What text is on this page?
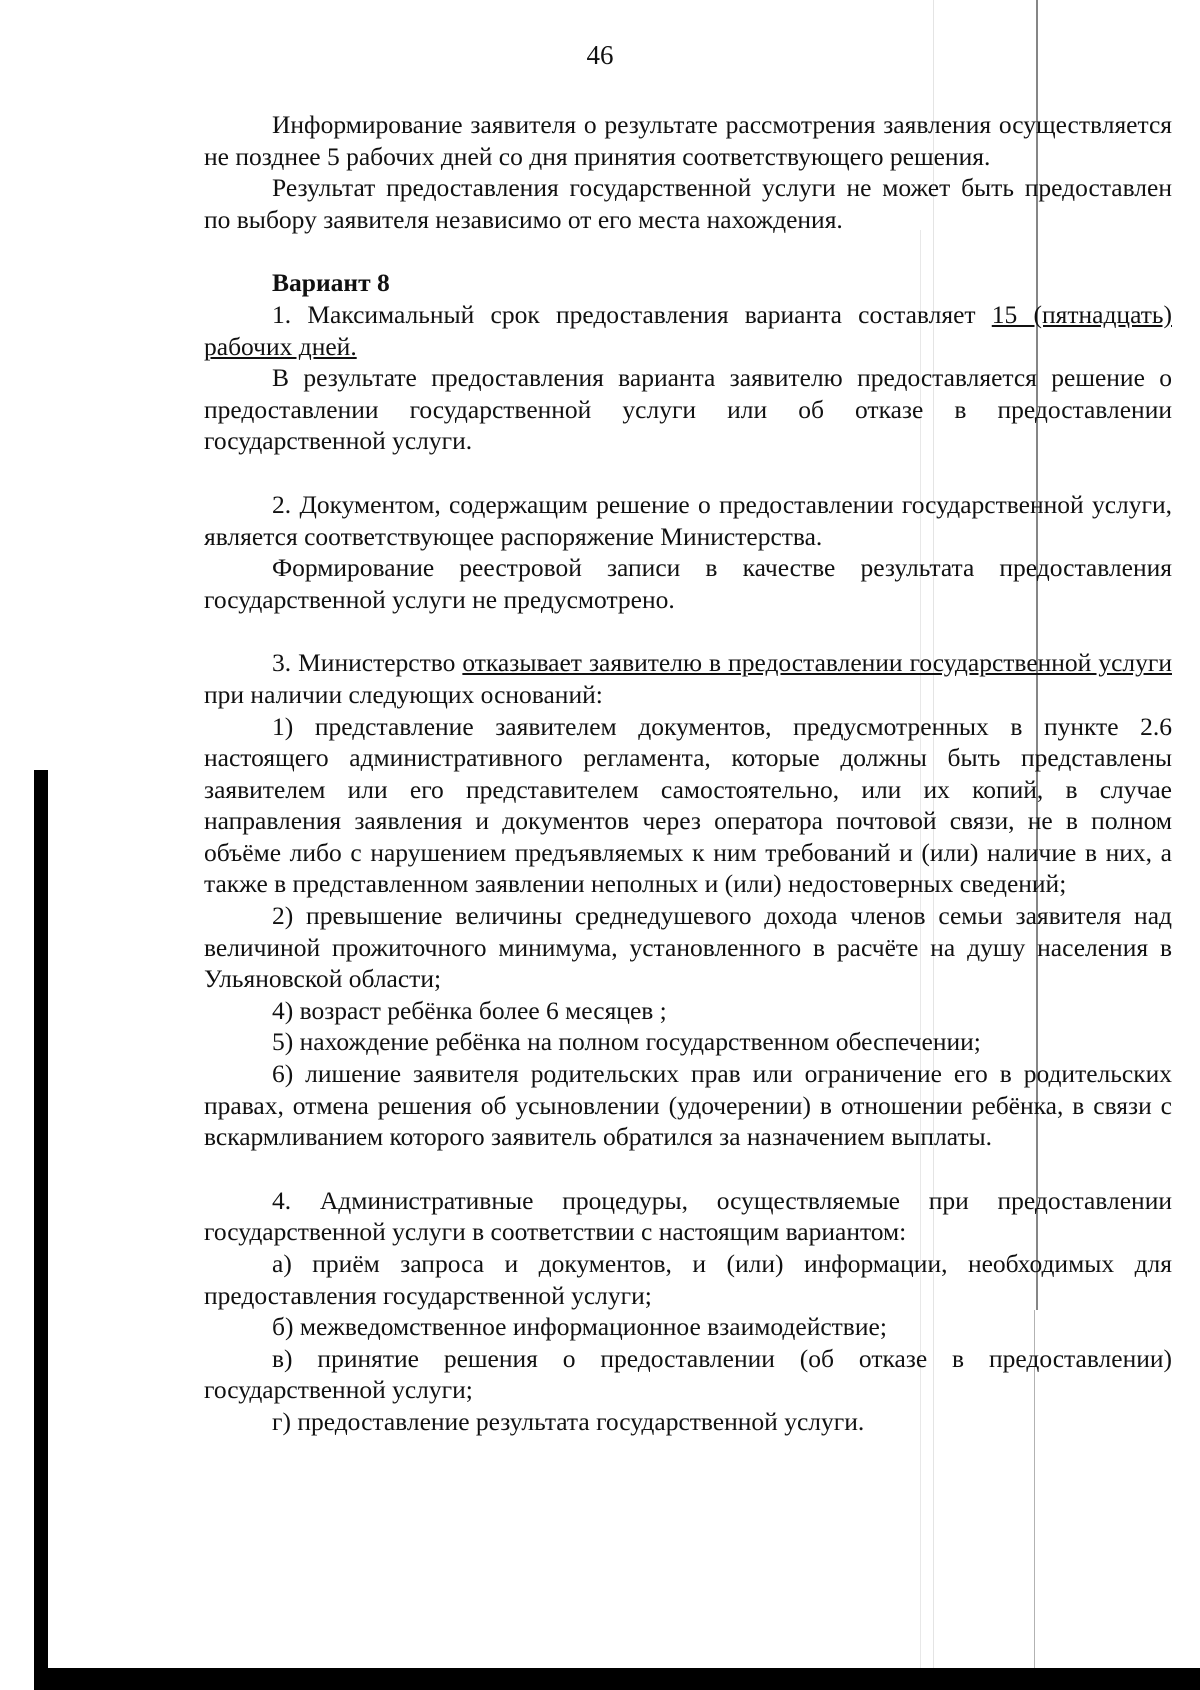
46

Информирование заявителя о результате рассмотрения заявления осуществляется не позднее 5 рабочих дней со дня принятия соответствующего решения.

Результат предоставления государственной услуги не может быть предоставлен по выбору заявителя независимо от его места нахождения.

Вариант 8

1. Максимальный срок предоставления варианта составляет 15 (пятнадцать) рабочих дней.

В результате предоставления варианта заявителю предоставляется решение о предоставлении государственной услуги или об отказе в предоставлении государственной услуги.

2. Документом, содержащим решение о предоставлении государственной услуги, является соответствующее распоряжение Министерства.

Формирование реестровой записи в качестве результата предоставления государственной услуги не предусмотрено.

3. Министерство отказывает заявителю в предоставлении государственной услуги при наличии следующих оснований:

1) представление заявителем документов, предусмотренных в пункте 2.6 настоящего административного регламента, которые должны быть представлены заявителем или его представителем самостоятельно, или их копий, в случае направления заявления и документов через оператора почтовой связи, не в полном объёме либо с нарушением предъявляемых к ним требований и (или) наличие в них, а также в представленном заявлении неполных и (или) недостоверных сведений;

2) превышение величины среднедушевого дохода членов семьи заявителя над величиной прожиточного минимума, установленного в расчёте на душу населения в Ульяновской области;

4) возраст ребёнка более 6 месяцев ;

5) нахождение ребёнка на полном государственном обеспечении;

6) лишение заявителя родительских прав или ограничение его в родительских правах, отмена решения об усыновлении (удочерении) в отношении ребёнка, в связи с вскармливанием которого заявитель обратился за назначением выплаты.

4. Административные процедуры, осуществляемые при предоставлении государственной услуги в соответствии с настоящим вариантом:

а) приём запроса и документов, и (или) информации, необходимых для предоставления государственной услуги;

б) межведомственное информационное взаимодействие;

в) принятие решения о предоставлении (об отказе в предоставлении) государственной услуги;

г) предоставление результата государственной услуги.
